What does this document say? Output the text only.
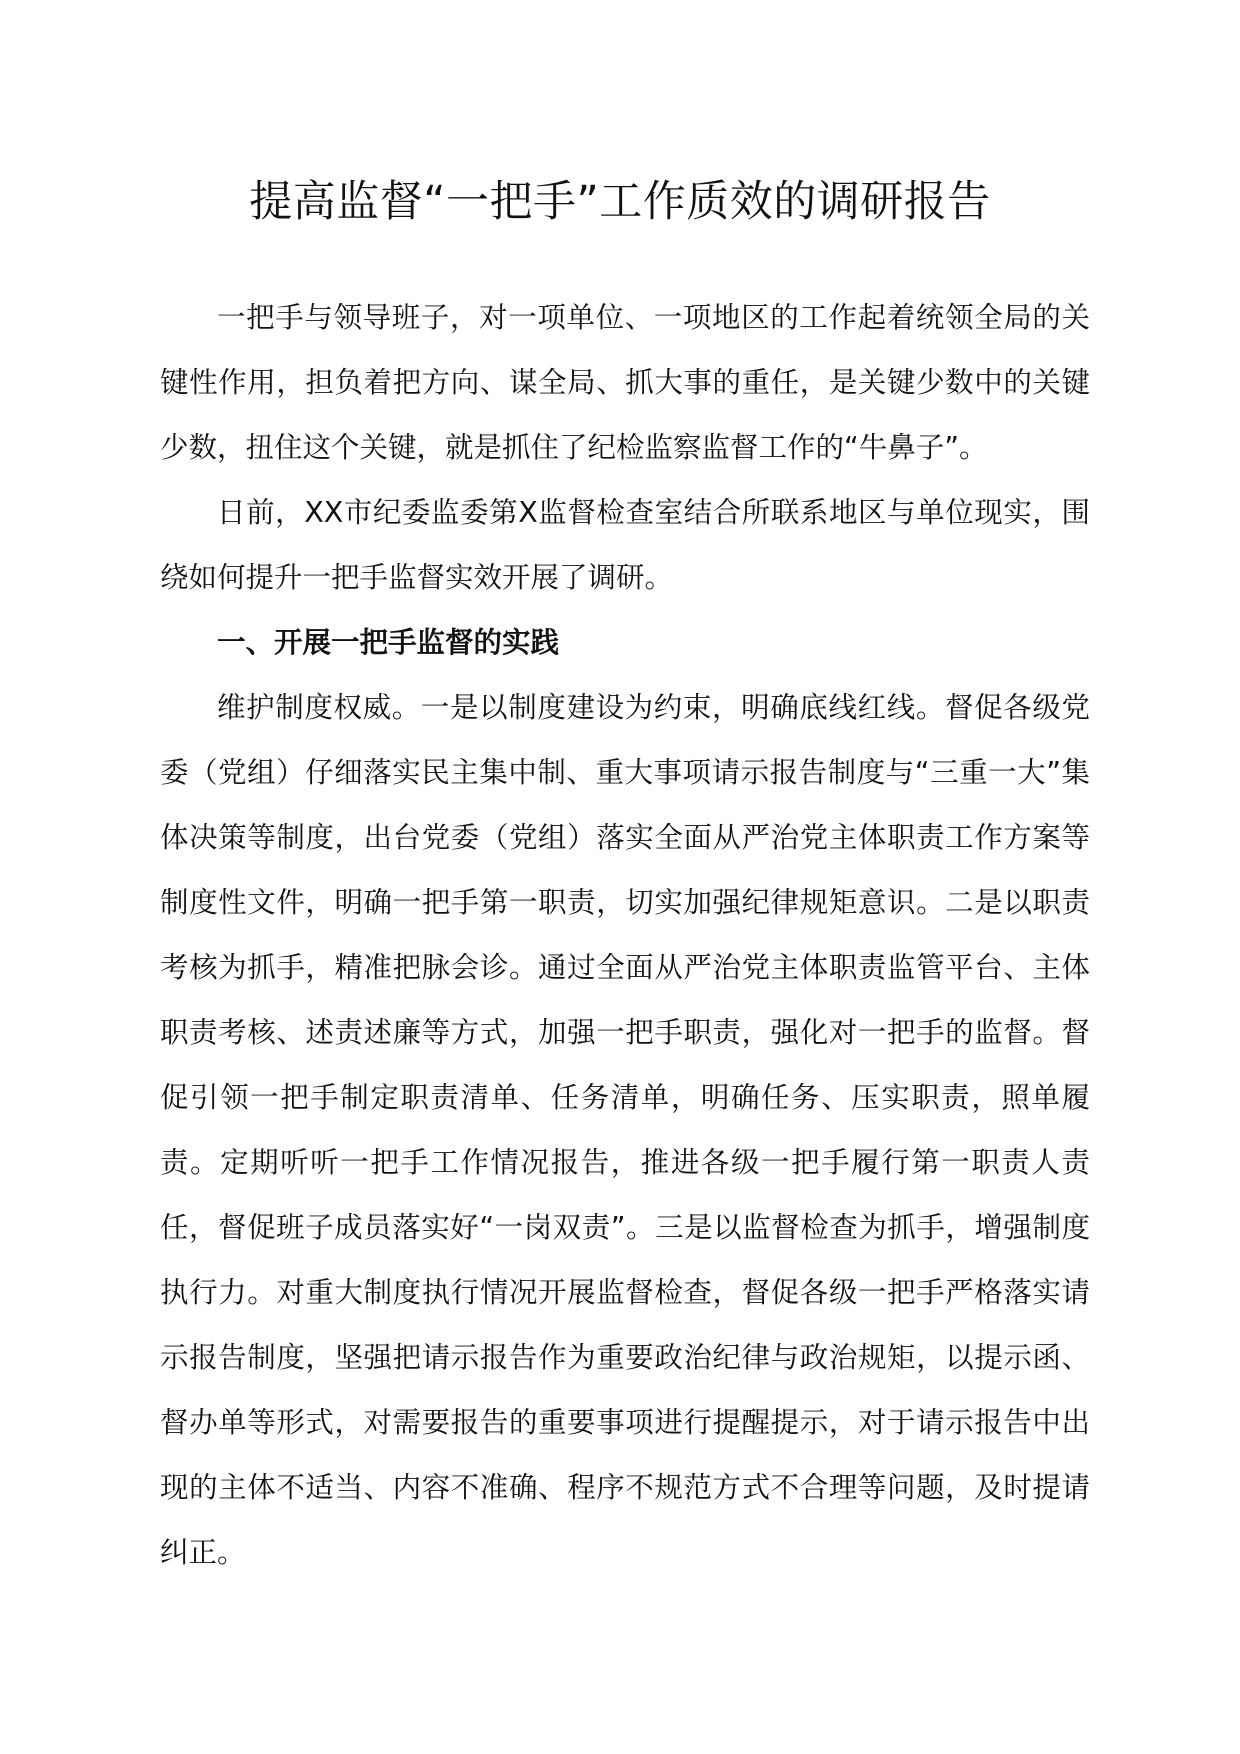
提高监督“一把手”工作质效的调研报告

一把手与领导班子，对一项单位、一项地区的工作起着统领全局的关键性作用，担负着把方向、谋全局、抓大事的重任，是关键少数中的关键少数，扭住这个关键，就是抓住了纪检监察监督工作的“牛鼻子”。

日前，XX市纪委监委第X监督检查室结合所联系地区与单位现实，围绕如何提升一把手监督实效开展了调研。

一、开展一把手监督的实践

维护制度权威。一是以制度建设为约束，明确底线红线。督促各级党委（党组）仔细落实民主集中制、重大事项请示报告制度与“三重一大”集体决策等制度，出台党委（党组）落实全面从严治党主体职责工作方案等制度性文件，明确一把手第一职责，切实加强纪律规矩意识。二是以职责考核为抓手，精准把脉会诊。通过全面从严治党主体职责监管平台、主体职责考核、述责述廉等方式，加强一把手职责，强化对一把手的监督。督促引领一把手制定职责清单、任务清单，明确任务、压实职责，照单履责。定期听听一把手工作情况报告，推进各级一把手履行第一职责人责任，督促班子成员落实好“一岗双责”。三是以监督检查为抓手，增强制度执行力。对重大制度执行情况开展监督检查，督促各级一把手严格落实请示报告制度，坚强把请示报告作为重要政治纪律与政治规矩，以提示函、督办单等形式，对需要报告的重要事项进行提醒提示，对于请示报告中出现的主体不适当、内容不准确、程序不规范方式不合理等问题，及时提请纠正。
